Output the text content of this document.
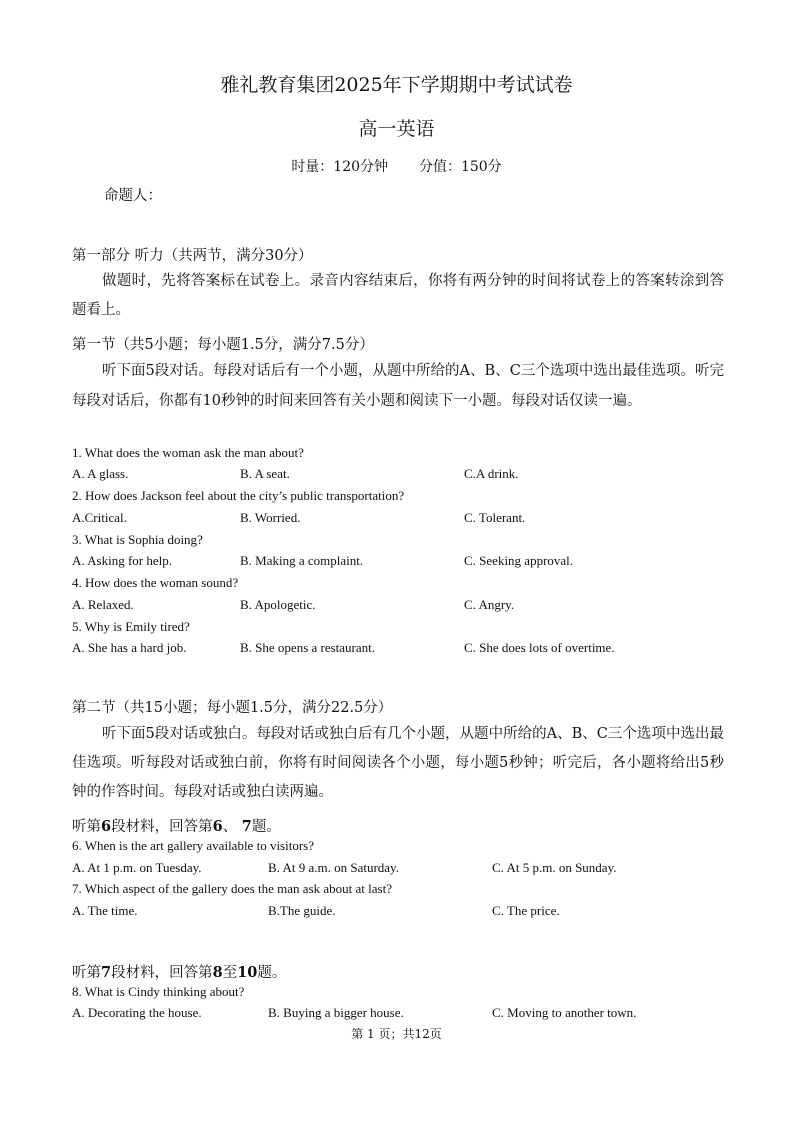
雅礼教育集团2025年下学期期中考试试卷
高一英语
时量：120分钟 分值：150分
命题人：
第一部分 听力（共两节，满分30分）
做题时，先将答案标在试卷上。录音内容结束后，你将有两分钟的时间将试卷上的答案转涂到答题看上。
第一节（共5小题；每小题1.5分，满分7.5分）
听下面5段对话。每段对话后有一个小题，从题中所给的A、B、C三个选项中选出最佳选项。听完每段对话后，你都有10秒钟的时间来回答有关小题和阅读下一小题。每段对话仅读一遍。
1. What does the woman ask the man about?
A. A glass.	B. A seat.	C.A drink.
2. How does Jackson feel about the city’s public transportation?
A.Critical.	B. Worried.	C. Tolerant.
3. What is Sophia doing?
A. Asking for help.	B. Making a complaint.	C. Seeking approval.
4. How does the woman sound?
A. Relaxed.	B. Apologetic.	C. Angry.
5. Why is Emily tired?
A. She has a hard job.	B. She opens a restaurant.	C. She does lots of overtime.
第二节（共15小题；每小题1.5分，满分22.5分）
听下面5段对话或独白。每段对话或独白后有几个小题，从题中所给的A、B、C三个选项中选出最佳选项。听每段对话或独白前，你将有时间阅读各个小题，每小题5秒钟；听完后，各小题将给出5秒钟的作答时间。每段对话或独白读两遍。
听第6段材料，回答第6、 7题。
6. When is the art gallery available to visitors?
A. At 1 p.m. on Tuesday.	B. At 9 a.m. on Saturday.	C. At 5 p.m. on Sunday.
7. Which aspect of the gallery does the man ask about at last?
A. The time.	B.The guide.	C. The price.
听第7段材料，回答第8至10题。
8. What is Cindy thinking about?
A. Decorating the house.	B. Buying a bigger house.	C. Moving to another town.
第 1 页；共12页
